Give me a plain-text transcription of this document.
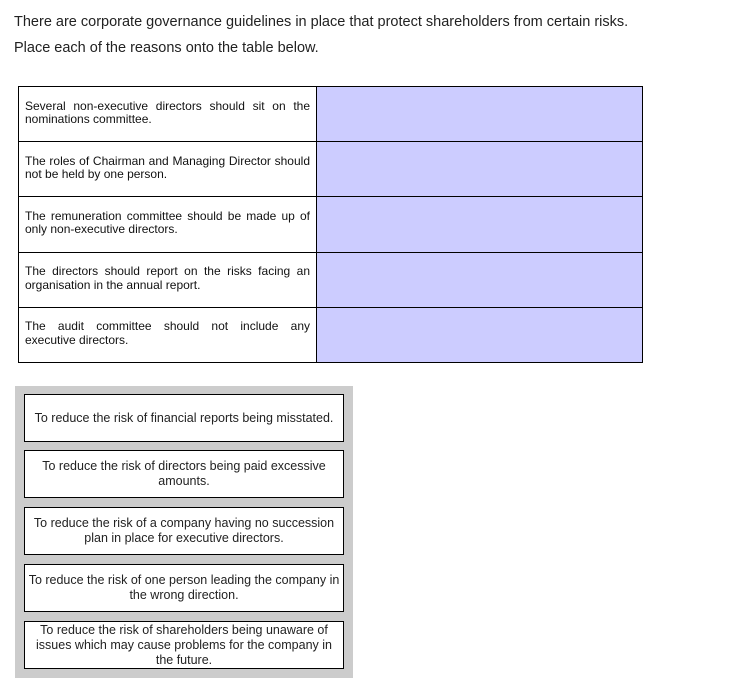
There are corporate governance guidelines in place that protect shareholders from certain risks.
Place each of the reasons onto the table below.
Several non-executive directors should sit on the nominations committee.	

The roles of Chairman and Managing Director should not be held by one person.	

The remuneration committee should be made up of only non-executive directors.	

The directors should report on the risks facing an organisation in the annual report.	

The audit committee should not include any executive directors.	

To reduce the risk of financial reports being misstated.
To reduce the risk of directors being paid excessive amounts.
To reduce the risk of a company having no succession plan in place for executive directors.
To reduce the risk of one person leading the company in the wrong direction.
To reduce the risk of shareholders being unaware of issues which may cause problems for the company in the future.
